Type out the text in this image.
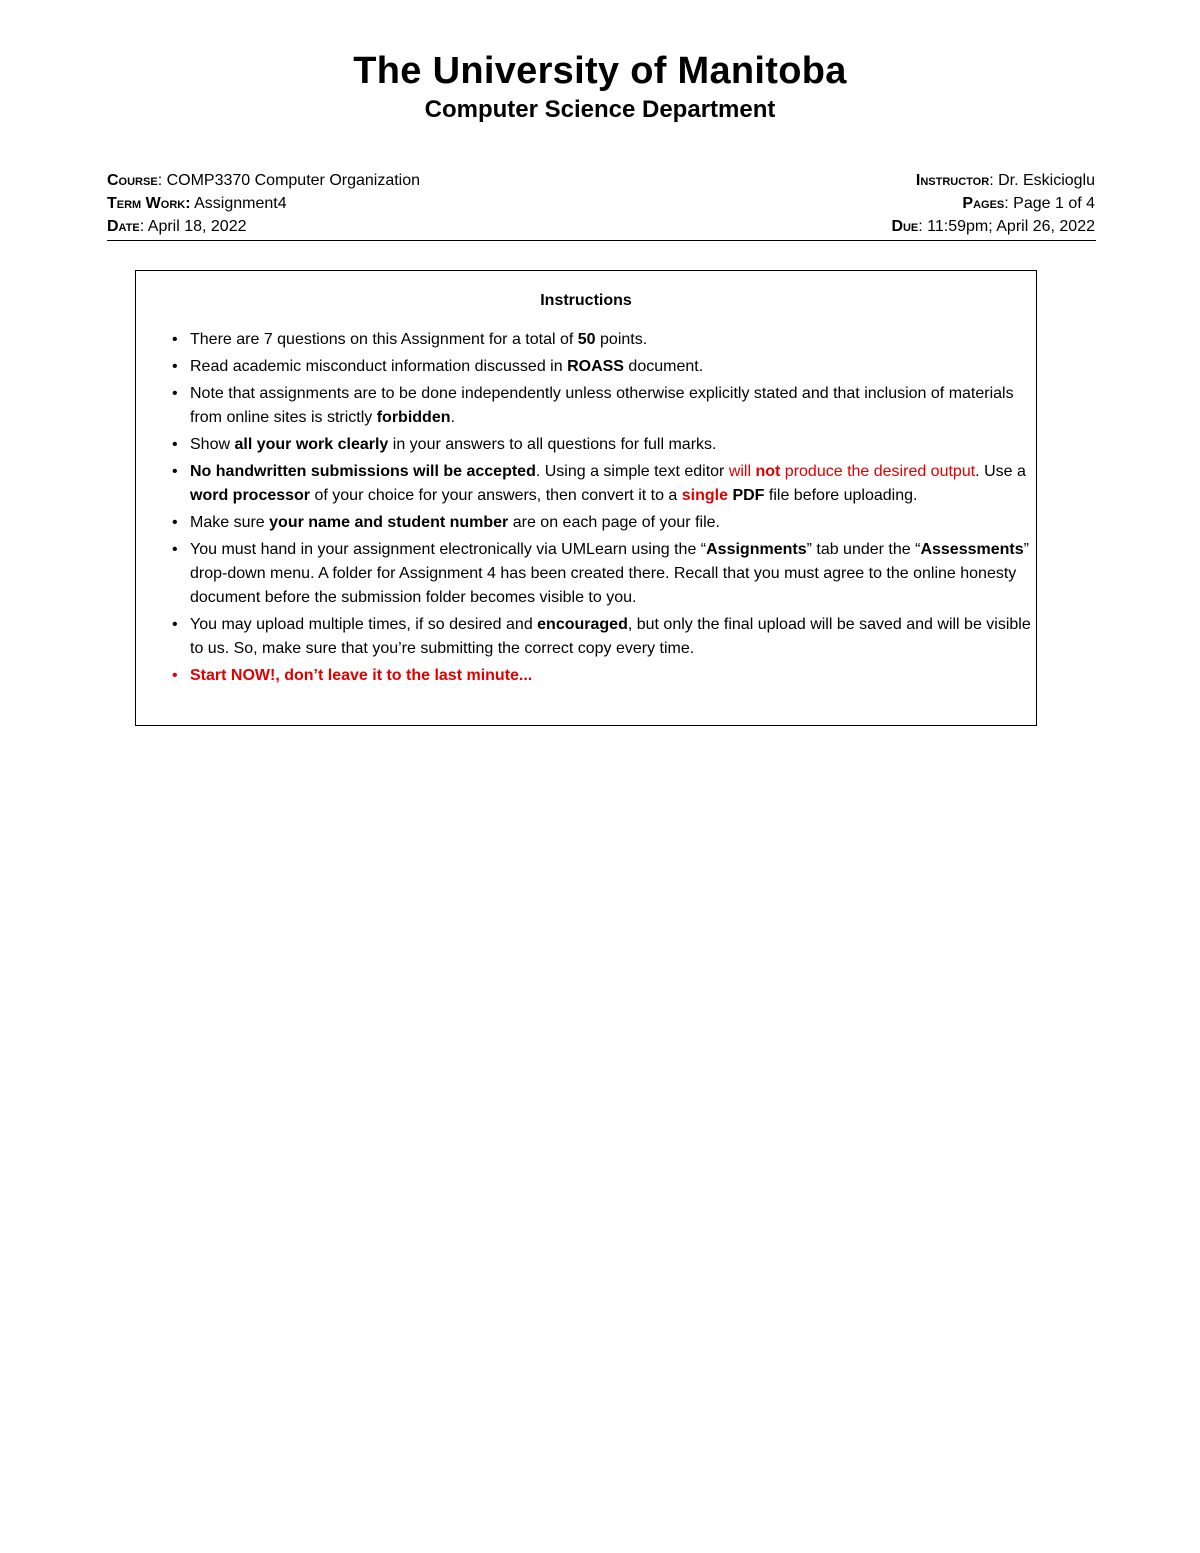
The University of Manitoba
Computer Science Department
Course: COMP3370 Computer Organization	Instructor: Dr. Eskicioglu
Term Work: Assignment4	Pages: Page 1 of 4
Date: April 18, 2022	Due: 11:59pm; April 26, 2022
Instructions
• There are 7 questions on this Assignment for a total of 50 points.
• Read academic misconduct information discussed in ROASS document.
• Note that assignments are to be done independently unless otherwise explicitly stated and that inclusion of materials from online sites is strictly forbidden.
• Show all your work clearly in your answers to all questions for full marks.
• No handwritten submissions will be accepted. Using a simple text editor will not produce the desired output. Use a word processor of your choice for your answers, then convert it to a single PDF file before uploading.
• Make sure your name and student number are on each page of your file.
• You must hand in your assignment electronically via UMLearn using the “Assignments” tab under the “Assessments” drop-down menu. A folder for Assignment 4 has been created there. Recall that you must agree to the online honesty document before the submission folder becomes visible to you.
• You may upload multiple times, if so desired and encouraged, but only the final upload will be saved and will be visible to us. So, make sure that you’re submitting the correct copy every time.
• Start NOW!, don’t leave it to the last minute...
